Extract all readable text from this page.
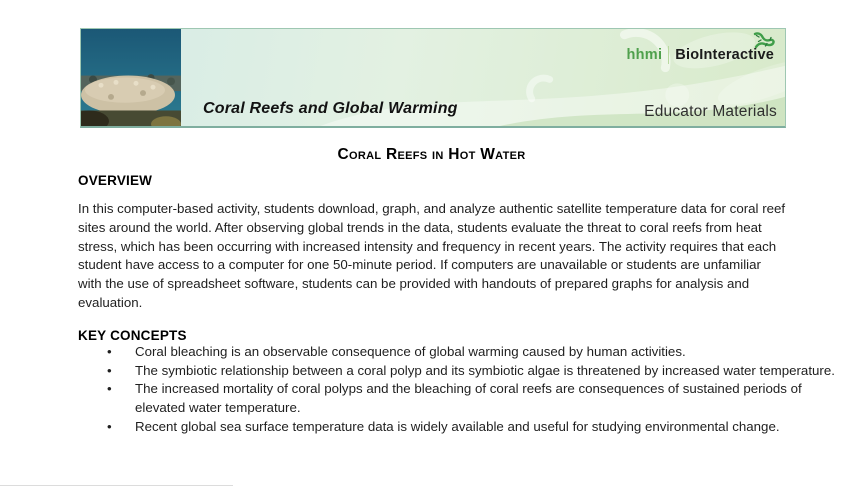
Coral Reefs and Global Warming
hhmi BioInteractive
Educator Materials
Coral Reefs in Hot Water
OVERVIEW

In this computer-based activity, students download, graph, and analyze authentic satellite temperature data for coral reef sites around the world. After observing global trends in the data, students evaluate the threat to coral reefs from heat stress, which has been occurring with increased intensity and frequency in recent years. The activity requires that each student have access to a computer for one 50-minute period. If computers are unavailable or students are unfamiliar with the use of spreadsheet software, students can be provided with handouts of prepared graphs for analysis and evaluation.

KEY CONCEPTS
• Coral bleaching is an observable consequence of global warming caused by human activities.
• The symbiotic relationship between a coral polyp and its symbiotic algae is threatened by increased water temperature.
• The increased mortality of coral polyps and the bleaching of coral reefs are consequences of sustained periods of elevated water temperature.
• Recent global sea surface temperature data is widely available and useful for studying environmental change.
